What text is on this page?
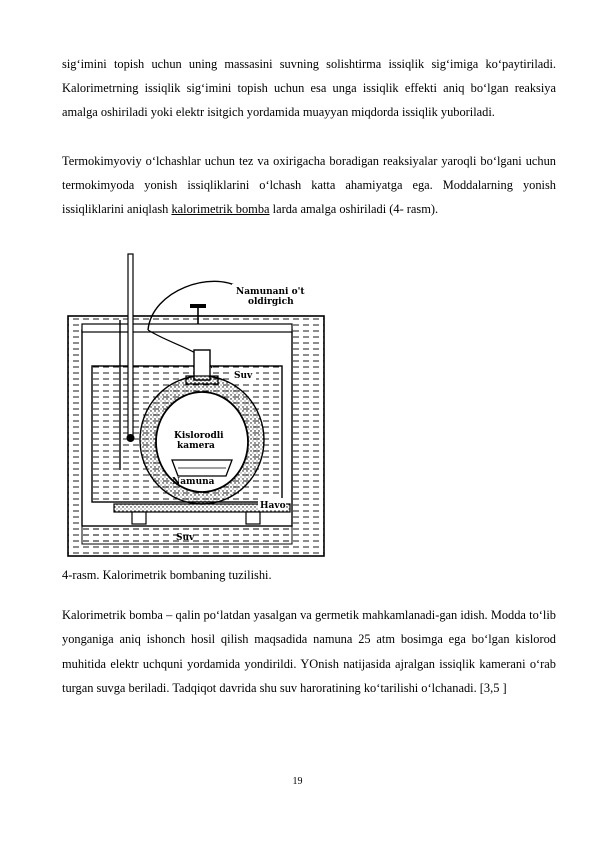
sigʻimini topish uchun uning massasini suvning solishtirma issiqlik sigʻimiga koʻpaytiriladi. Kalorimetrning issiqlik sigʻimini topish uchun esa unga issiqlik effekti aniq boʻlgan reaksiya amalga oshiriladi yoki elektr isitgich yordamida muayyan miqdorda issiqlik yuboriladi.

Termokimyoviy oʻlchashlar uchun tez va oxirigacha boradigan reaksiyalar yaroqli boʻlgani uchun termokimyoda yonish issiqliklarini oʻlchash katta ahamiyatga ega. Moddalarning yonish issiqliklarini aniqlash kalorimetrik bomba larda amalga oshiriladi (4- rasm).

Namunani o't
oldirgich
Suv
Kislorodli
kamera
Namuna
Havo
Suv

4-rasm. Kalorimetrik bombaning tuzilishi.

Kalorimetrik bomba – qalin poʻlatdan yasalgan va germetik mahkamlanadi-gan idish. Modda toʻlib yonganiga aniq ishonch hosil qilish maqsadida namuna 25 atm bosimga ega boʻlgan kislorod muhitida elektr uchquni yordamida yondirildi. YOnish natijasida ajralgan issiqlik kamerani oʻrab turgan suvga beriladi. Tadqiqot davrida shu suv haroratining koʻtarilishi oʻlchanadi. [3,5 ]

19
